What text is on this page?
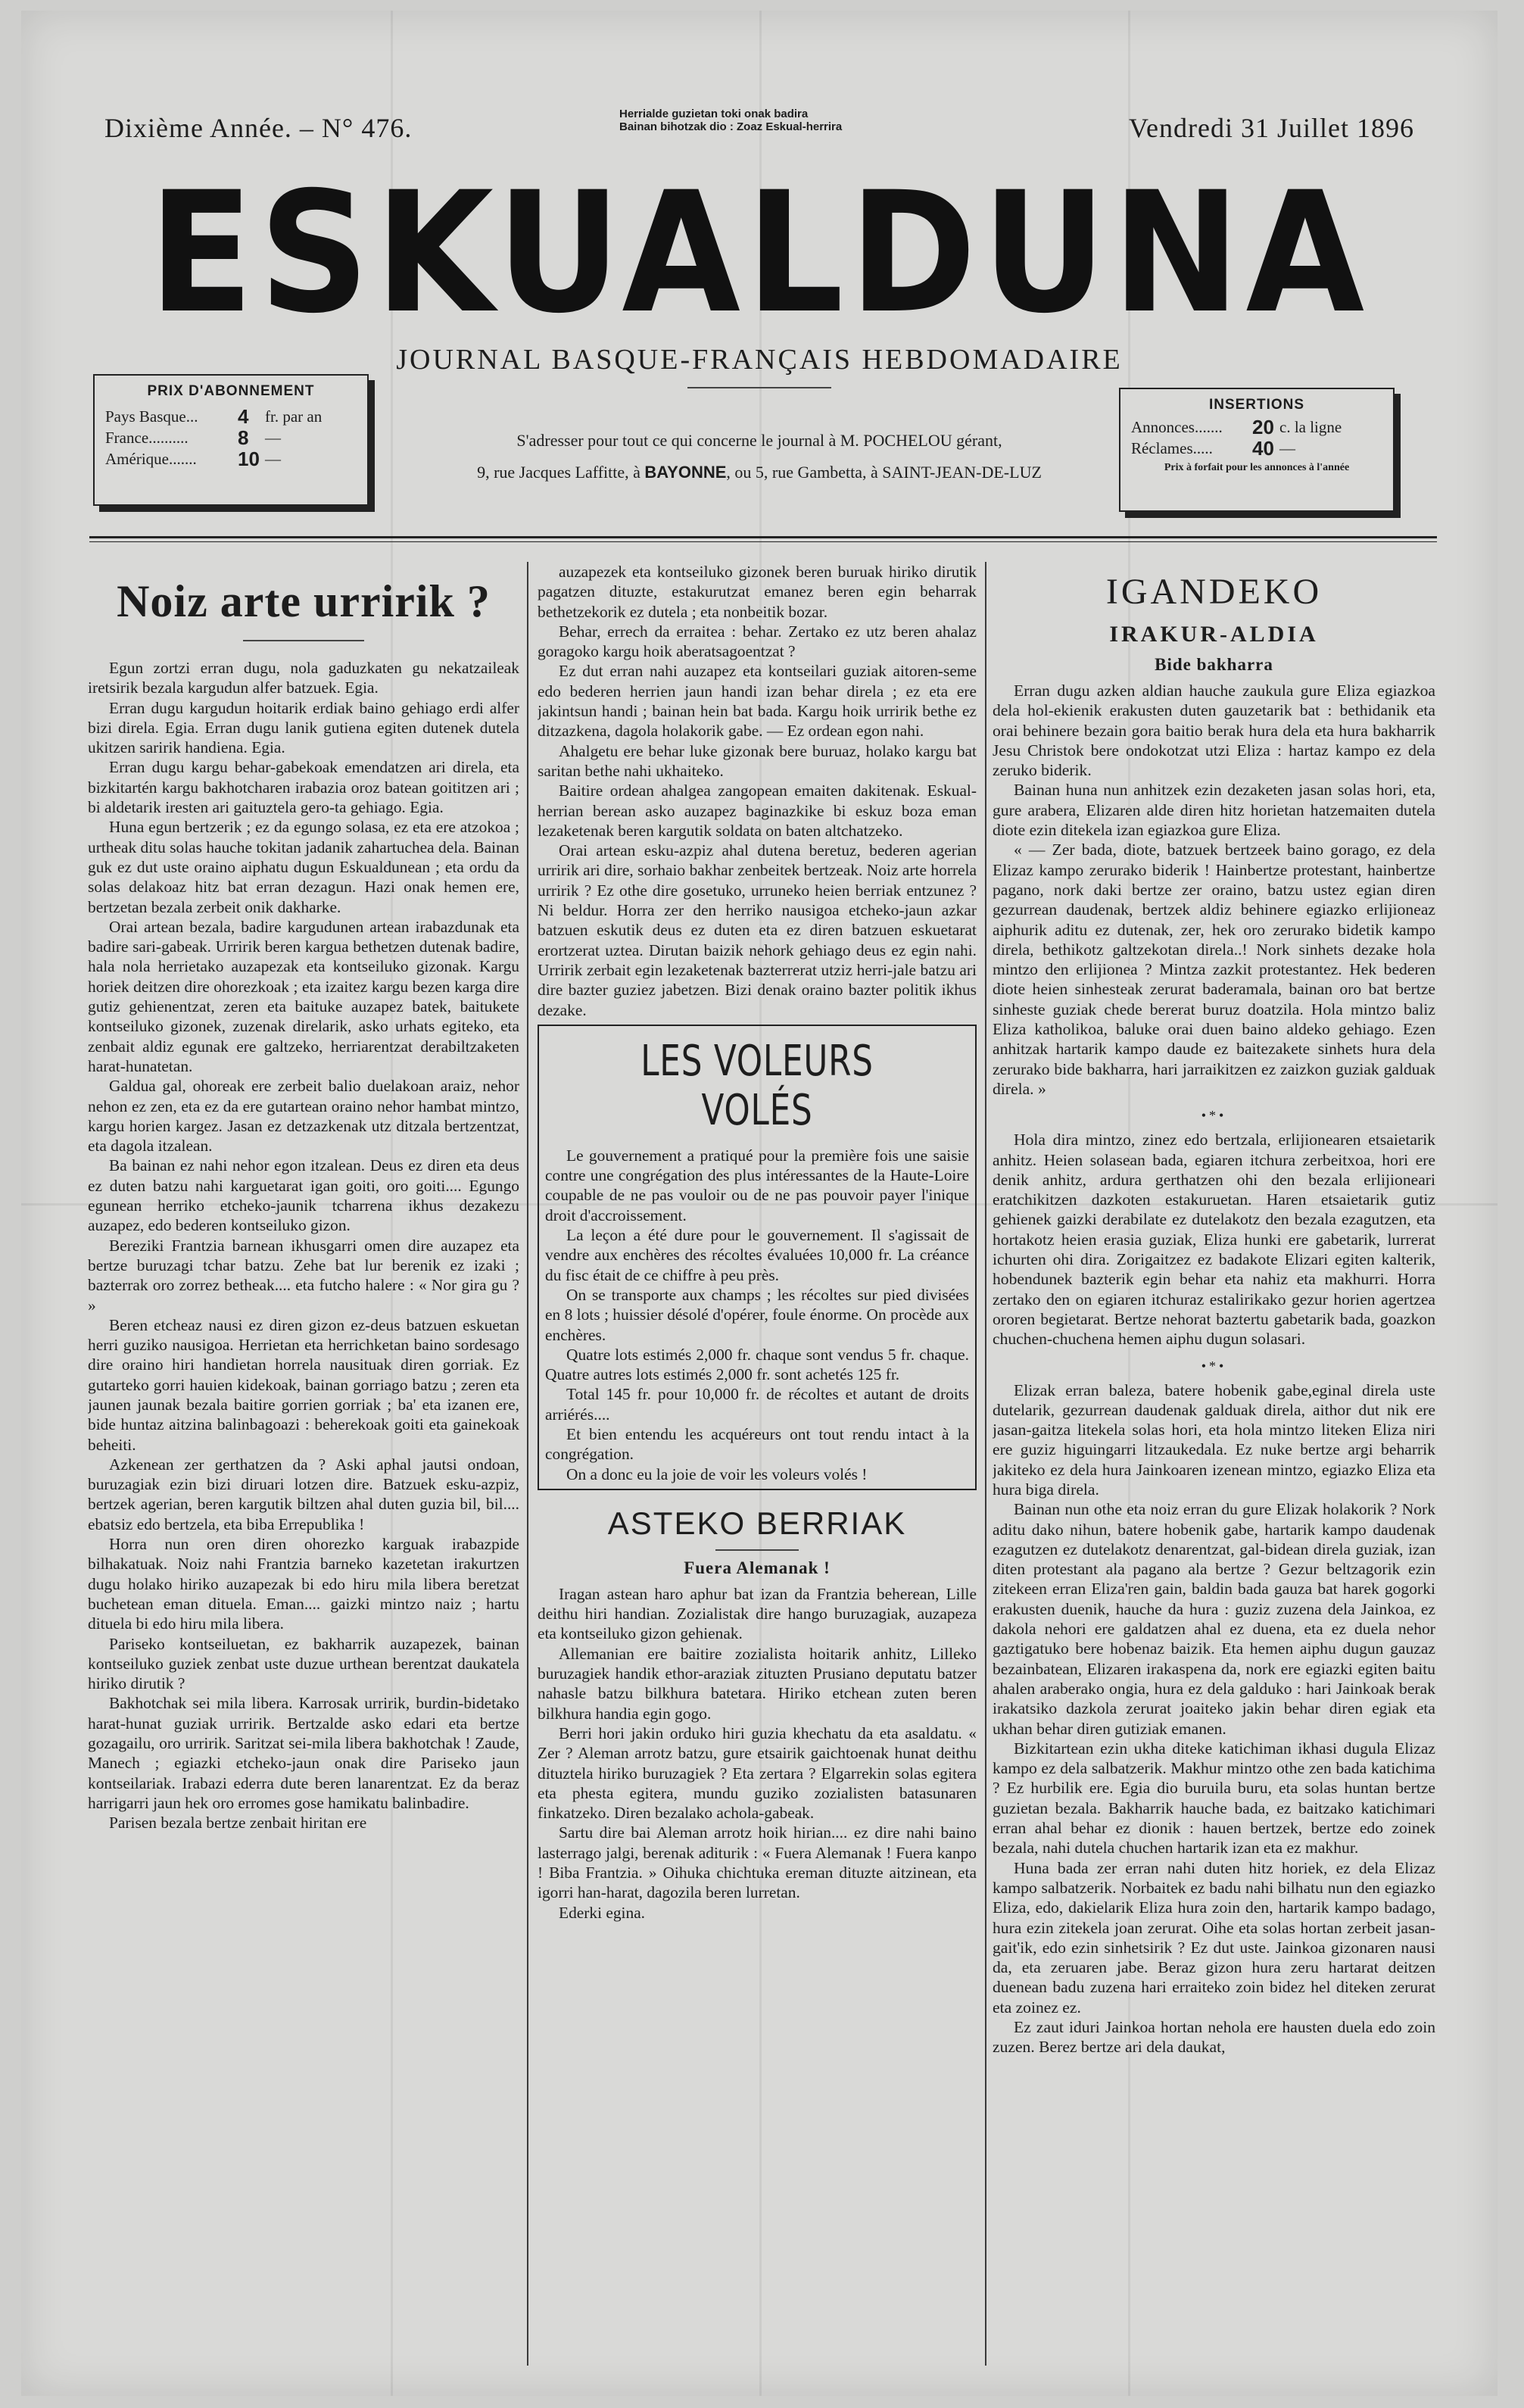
Dixième Année. – N° 476.	Herrialde guzietan toki onak badira
Bainan bihotzak dio : Zoaz Eskual-herrira	Vendredi 31 Juillet 1896
ESKUALDUNA
JOURNAL BASQUE-FRANÇAIS HEBDOMADAIRE
PRIX D'ABONNEMENT
Pays Basque...	4	fr. par an
France..........	8	—
Amérique.......	10 —
S'adresser pour tout ce qui concerne le journal à M. POCHELOU gérant,
9, rue Jacques Laffitte, à BAYONNE, ou 5, rue Gambetta, à SAINT-JEAN-DE-LUZ
INSERTIONS
Annonces.......	20 c. la ligne
Réclames.....	40 —
Prix à forfait pour les annonces à l'année
Noiz arte urririk ?

Egun zortzi erran dugu, nola gaduzkaten gu nekatzaileak iretsirik bezala kargudun alfer batzuek. Egia.

Erran dugu kargudun hoitarik erdiak baino gehiago erdi alfer bizi direla. Egia. Erran dugu lanik gutiena egiten dutenek dutela ukitzen saririk handiena. Egia.

Erran dugu kargu behar-gabekoak emendatzen ari direla, eta bizkitartén kargu bakhotcharen irabazia oroz batean goititzen ari ; bi aldetarik iresten ari gaituztela gero-ta gehiago. Egia.

Huna egun bertzerik ; ez da egungo solasa, ez eta ere atzokoa ; urtheak ditu solas hauche tokitan jadanik zahartuchea dela. Bainan guk ez dut uste oraino aiphatu dugun Eskualdunean ; eta ordu da solas delakoaz hitz bat erran dezagun. Hazi onak hemen ere, bertzetan bezala zerbeit onik dakharke.

Orai artean bezala, badire kargudunen artean irabazdunak eta badire sari-gabeak. Urririk beren kargua bethetzen dutenak badire, hala nola herrietako auzapezak eta kontseiluko gizonak. Kargu horiek deitzen dire ohorezkoak ; eta izaitez kargu bezen karga dire gutiz gehienentzat, zeren eta baituke auzapez batek, baitukete kontseiluko gizonek, zuzenak direlarik, asko urhats egiteko, eta zenbait aldiz egunak ere galtzeko, herriarentzat derabiltzaketen harat-hunatetan.

Galdua gal, ohoreak ere zerbeit balio duelakoan araiz, nehor nehon ez zen, eta ez da ere gutartean oraino nehor hambat mintzo, kargu horien kargez. Jasan ez detzazkenak utz ditzala bertzentzat, eta dagola itzalean.

Ba bainan ez nahi nehor egon itzalean. Deus ez diren eta deus ez duten batzu nahi karguetarat igan goiti, oro goiti.... Egungo egunean herriko etcheko-jaunik tcharrena ikhus dezakezu auzapez, edo bederen kontseiluko gizon.

Bereziki Frantzia barnean ikhusgarri omen dire auzapez eta bertze buruzagi tchar batzu. Zehe bat lur berenik ez izaki ; bazterrak oro zorrez betheak.... eta futcho halere : « Nor gira gu ? »

Beren etcheaz nausi ez diren gizon ez-deus batzuen eskuetan herri guziko nausigoa. Herrietan eta herrichketan baino sordesago dire oraino hiri handietan horrela nausituak diren gorriak. Ez gutarteko gorri hauien kidekoak, bainan gorriago batzu ; zeren eta jaunen jaunak bezala baitire gorrien gorriak ; ba' eta izanen ere, bide huntaz aitzina balinbagoazi : beherekoak goiti eta gainekoak beheiti.

Azkenean zer gerthatzen da ? Aski aphal jautsi ondoan, buruzagiak ezin bizi diruari lotzen dire. Batzuek esku-azpiz, bertzek agerian, beren kargutik biltzen ahal duten guzia bil, bil.... ebatsiz edo bertzela, eta biba Errepublika !

Horra nun oren diren ohorezko karguak irabazpide bilhakatuak. Noiz nahi Frantzia barneko kazetetan irakurtzen dugu holako hiriko auzapezak bi edo hiru mila libera beretzat buchetean eman dituela. Eman.... gaizki mintzo naiz ; hartu dituela bi edo hiru mila libera.

Pariseko kontseiluetan, ez bakharrik auzapezek, bainan kontseiluko guziek zenbat uste duzue urthean berentzat daukatela hiriko dirutik ?

Bakhotchak sei mila libera. Karrosak urririk, burdin-bidetako harat-hunat guziak urririk. Bertzalde asko edari eta bertze gozagailu, oro urririk. Saritzat sei-mila libera bakhotchak ! Zaude, Manech ; egiazki etcheko-jaun onak dire Pariseko jaun kontseilariak. Irabazi ederra dute beren lanarentzat. Ez da beraz harrigarri jaun hek oro erromes gose hamikatu balinbadire.

Parisen bezala bertze zenbait hiritan ere

auzapezek eta kontseiluko gizonek beren buruak hiriko dirutik pagatzen dituzte, estakurutzat emanez beren egin beharrak bethetzekorik ez dutela ; eta nonbeitik bozar.

Behar, errech da erraitea : behar. Zertako ez utz beren ahalaz goragoko kargu hoik aberatsagoentzat ?

Ez dut erran nahi auzapez eta kontseilari guziak aitoren-seme edo bederen herrien jaun handi izan behar direla ; ez eta ere jakintsun handi ; bainan hein bat bada. Kargu hoik urririk bethe ez ditzazkena, dagola holakorik gabe. — Ez ordean egon nahi.

Ahalgetu ere behar luke gizonak bere buruaz, holako kargu bat saritan bethe nahi ukhaiteko.

Baitire ordean ahalgea zangopean emaiten dakitenak. Eskual-herrian berean asko auzapez baginazkike bi eskuz boza eman lezaketenak beren kargutik soldata on baten altchatzeko.

Orai artean esku-azpiz ahal dutena beretuz, bederen agerian urririk ari dire, sorhaio bakhar zenbeitek bertzeak. Noiz arte horrela urririk ? Ez othe dire gosetuko, urruneko heien berriak entzunez ? Ni beldur. Horra zer den herriko nausigoa etcheko-jaun azkar batzuen eskutik deus ez duten eta ez diren batzuen eskuetarat erortzerat uztea. Dirutan baizik nehork gehiago deus ez egin nahi. Urririk zerbait egin lezaketenak bazterrerat utziz herri-jale batzu ari dire bazter guziez jabetzen. Bizi denak oraino bazter politik ikhus dezake.

LES VOLEURS VOLÉS

Le gouvernement a pratiqué pour la première fois une saisie contre une congrégation des plus intéressantes de la Haute-Loire coupable de ne pas vouloir ou de ne pas pouvoir payer l'inique droit d'accroissement.

La leçon a été dure pour le gouvernement. Il s'agissait de vendre aux enchères des récoltes évaluées 10,000 fr. La créance du fisc était de ce chiffre à peu près.

On se transporte aux champs ; les récoltes sur pied divisées en 8 lots ; huissier désolé d'opérer, foule énorme. On procède aux enchères.

Quatre lots estimés 2,000 fr. chaque sont vendus 5 fr. chaque. Quatre autres lots estimés 2,000 fr. sont achetés 125 fr.

Total 145 fr. pour 10,000 fr. de récoltes et autant de droits arriérés....

Et bien entendu les acquéreurs ont tout rendu intact à la congrégation.

On a donc eu la joie de voir les voleurs volés !

ASTEKO BERRIAK
Fuera Alemanak !

Iragan astean haro aphur bat izan da Frantzia beherean, Lille deithu hiri handian. Zozialistak dire hango buruzagiak, auzapeza eta kontseiluko gizon gehienak.

Allemanian ere baitire zozialista hoitarik anhitz, Lilleko buruzagiek handik ethor-araziak zituzten Prusiano deputatu batzer nahasle batzu bilkhura batetara. Hiriko etchean zuten beren bilkhura handia egin gogo.

Berri hori jakin orduko hiri guzia khechatu da eta asaldatu. « Zer ? Aleman arrotz batzu, gure etsairik gaichtoenak hunat deithu dituztela hiriko buruzagiek ? Eta zertara ? Elgarrekin solas egitera eta phesta egitera, mundu guziko zozialisten batasunaren finkatzeko. Diren bezalako achola-gabeak.

Sartu dire bai Aleman arrotz hoik hirian.... ez dire nahi baino lasterrago jalgi, berenak aditurik : « Fuera Alemanak ! Fuera kanpo ! Biba Frantzia. » Oihuka chichtuka ereman dituzte aitzinean, eta igorri han-harat, dagozila beren lurretan.

Ederki egina.

IGANDEKO
IRAKUR-ALDIA
Bide bakharra

Erran dugu azken aldian hauche zaukula gure Eliza egiazkoa dela hol-ekienik erakusten duten gauzetarik bat : bethidanik eta orai behinere bezain gora baitio berak hura dela eta hura bakharrik Jesu Christok bere ondokotzat utzi Eliza : hartaz kampo ez dela zeruko biderik.

Bainan huna nun anhitzek ezin dezaketen jasan solas hori, eta, gure arabera, Elizaren alde diren hitz horietan hatzemaiten dutela diote ezin ditekela izan egiazkoa gure Eliza.

« — Zer bada, diote, batzuek bertzeek baino gorago, ez dela Elizaz kampo zerurako biderik ! Hainbertze protestant, hainbertze pagano, nork daki bertze zer oraino, batzu ustez egian diren gezurrean daudenak, bertzek aldiz behinere egiazko erlijioneaz aiphurik aditu ez dutenak, zer, hek oro zerurako bidetik kampo direla, bethikotz galtzekotan direla..! Nork sinhets dezake hola mintzo den erlijionea ? Mintza zazkit protestantez. Hek bederen diote heien sinhesteak zerurat baderamala, bainan oro bat bertze sinheste guziak chede bererat buruz doatzila. Hola mintzo baliz Eliza katholikoa, baluke orai duen baino aldeko gehiago. Ezen anhitzak hartarik kampo daude ez baitezakete sinhets hura dela zerurako bide bakharra, hari jarraikitzen ez zaizkon guziak galduak direla. »

•*•

Hola dira mintzo, zinez edo bertzala, erlijionearen etsaietarik anhitz. Heien solasean bada, egiaren itchura zerbeitxoa, hori ere denik anhitz, ardura gerthatzen ohi den bezala erlijioneari eratchikitzen dazkoten estakuruetan. Haren etsaietarik gutiz gehienek gaizki derabilate ez dutelakotz den bezala ezagutzen, eta hortakotz heien erasia guziak, Eliza hunki ere gabetarik, lurrerat ichurten ohi dira. Zorigaitzez ez badakote Elizari egiten kalterik, hobendunek bazterik egin behar eta nahiz eta makhurri. Horra zertako den on egiaren itchuraz estalirikako gezur horien agertzea ororen begietarat. Bertze nehorat baztertu gabetarik bada, goazkon chuchen-chuchena hemen aiphu dugun solasari.

•*•

Elizak erran baleza, batere hobenik gabe,eginal direla uste dutelarik, gezurrean daudenak galduak direla, aithor dut nik ere jasan-gaitza litekela solas hori, eta hola mintzo liteken Eliza niri ere guziz higuingarri litzaukedala. Ez nuke bertze argi beharrik jakiteko ez dela hura Jainkoaren izenean mintzo, egiazko Eliza eta hura biga direla.

Bainan nun othe eta noiz erran du gure Elizak holakorik ? Nork aditu dako nihun, batere hobenik gabe, hartarik kampo daudenak ezagutzen ez dutelakotz denarentzat, gal-bidean direla guziak, izan diten protestant ala pagano ala bertze ? Gezur beltzagorik ezin zitekeen erran Eliza'ren gain, baldin bada gauza bat harek gogorki erakusten duenik, hauche da hura : guziz zuzena dela Jainkoa, ez dakola nehori ere galdatzen ahal ez duena, eta ez duela nehor gaztigatuko bere hobenaz baizik. Eta hemen aiphu dugun gauzaz bezainbatean, Elizaren irakaspena da, nork ere egiazki egiten baitu ahalen araberako ongia, hura ez dela galduko : hari Jainkoak berak irakatsiko dazkola zerurat joaiteko jakin behar diren egiak eta ukhan behar diren gutiziak emanen.

Bizkitartean ezin ukha diteke katichiman ikhasi dugula Elizaz kampo ez dela salbatzerik. Makhur mintzo othe zen bada katichima ? Ez hurbilik ere. Egia dio buruila buru, eta solas huntan bertze guzietan bezala. Bakharrik hauche bada, ez baitzako katichimari erran ahal behar ez dionik : hauen bertzek, bertze edo zoinek bezala, nahi dutela chuchen hartarik izan eta ez makhur.

Huna bada zer erran nahi duten hitz horiek, ez dela Elizaz kampo salbatzerik. Norbaitek ez badu nahi bilhatu nun den egiazko Eliza, edo, dakielarik Eliza hura zoin den, hartarik kampo badago, hura ezin zitekela joan zerurat. Oihe eta solas hortan zerbeit jasan-gait'ik, edo ezin sinhetsirik ? Ez dut uste. Jainkoa gizonaren nausi da, eta zeruaren jabe. Beraz gizon hura zeru hartarat deitzen duenean badu zuzena hari erraiteko zoin bidez hel diteken zerurat eta zoinez ez.

Ez zaut iduri Jainkoa hortan nehola ere hausten duela edo zoin zuzen. Berez bertze ari dela daukat,
